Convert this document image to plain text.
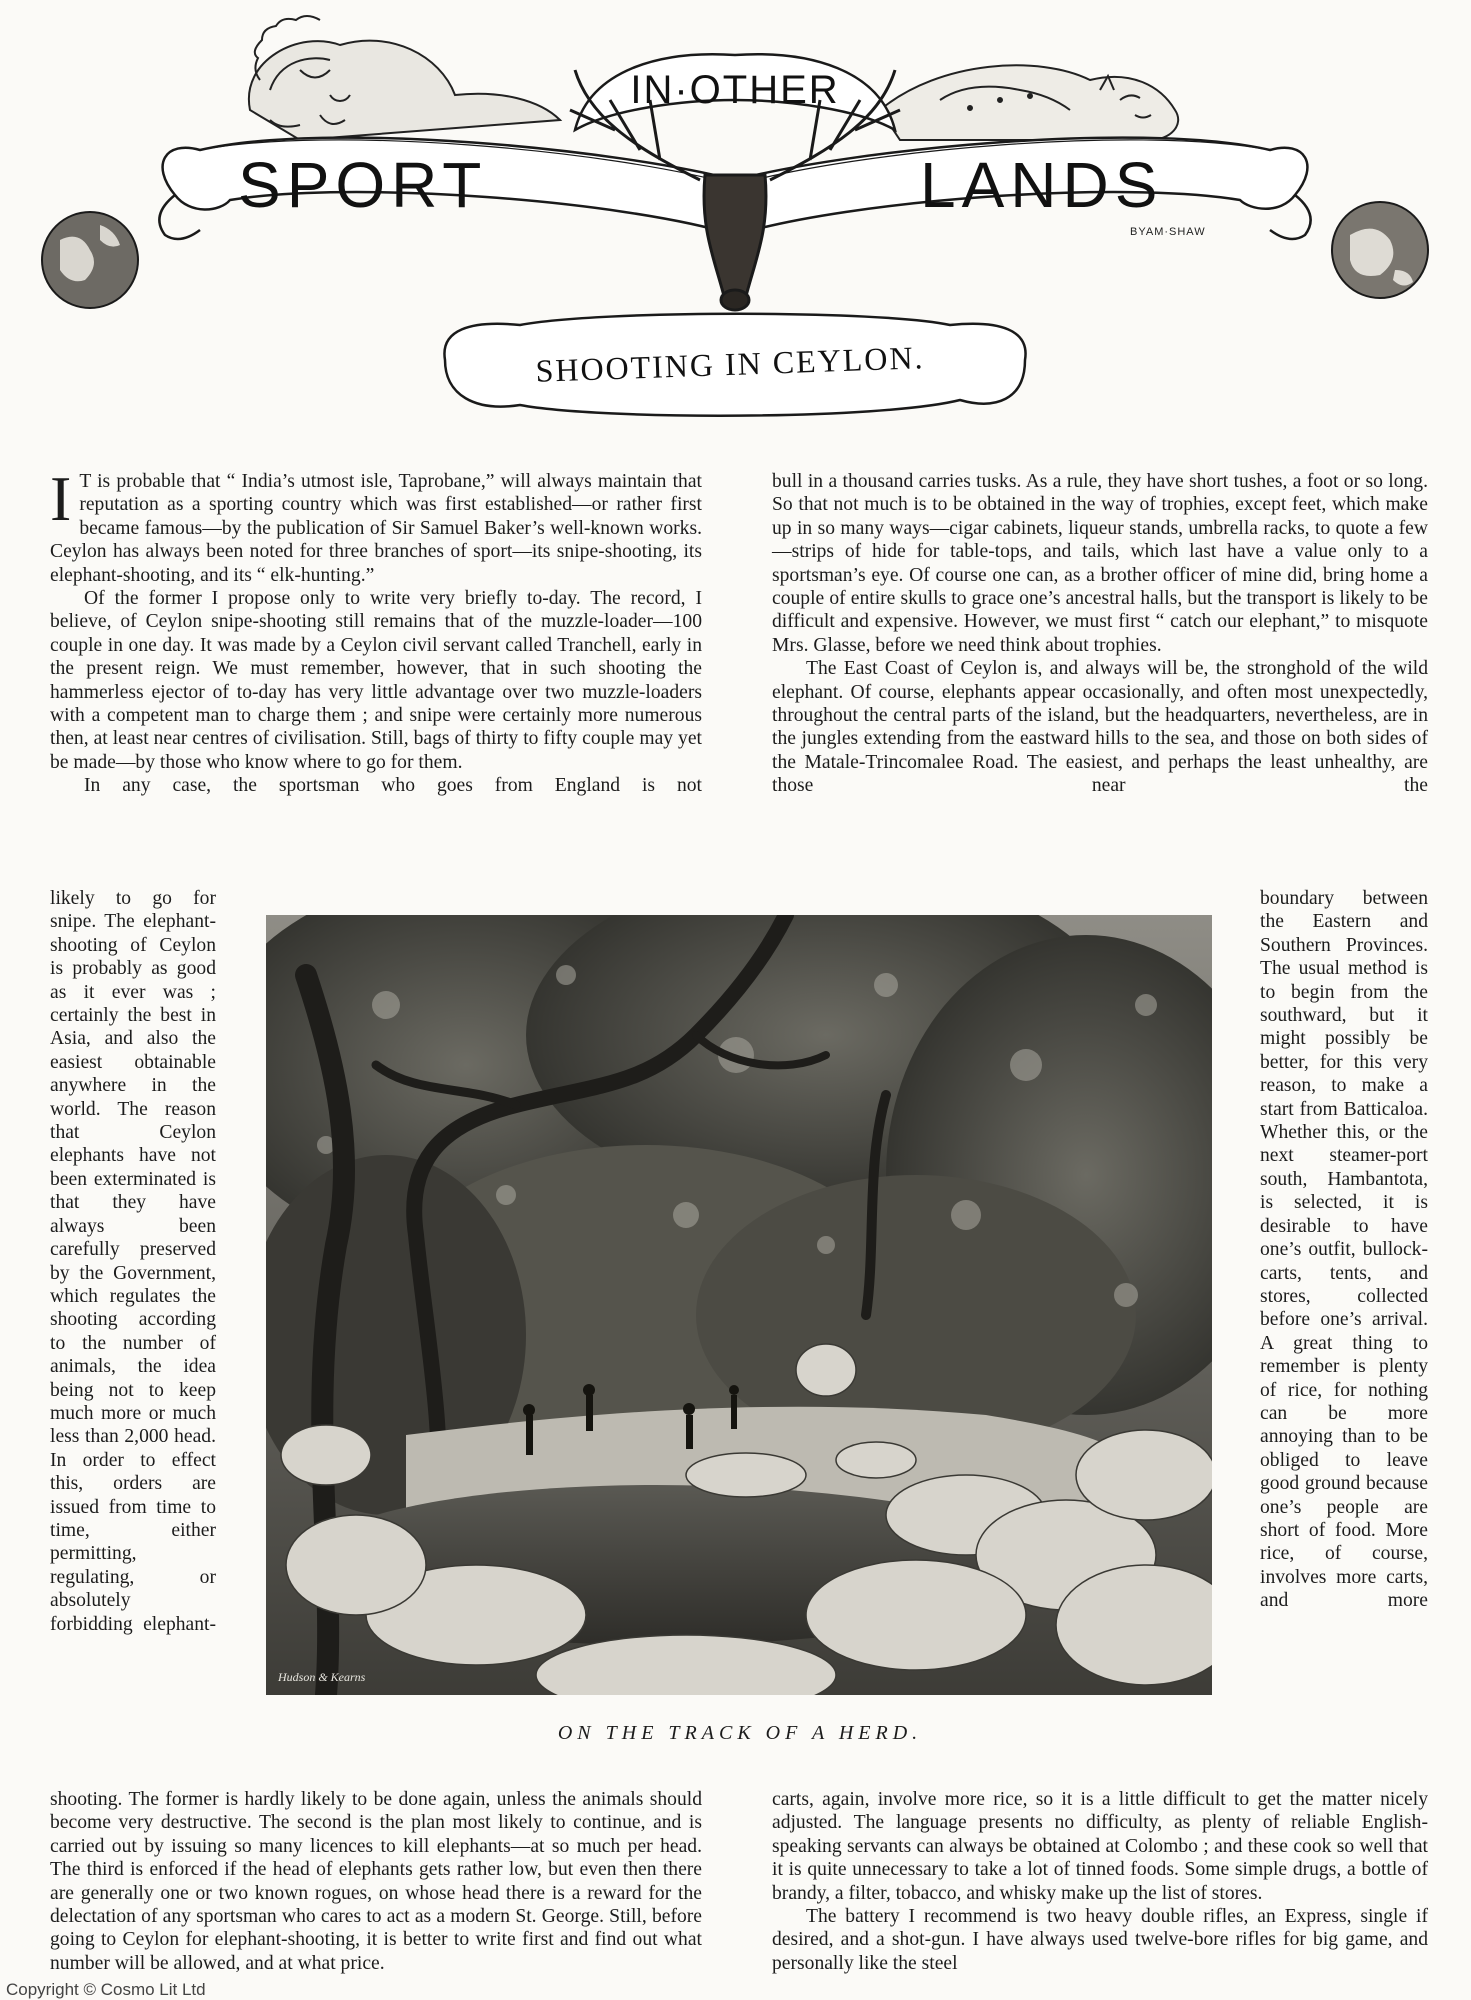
SPORT
IN·OTHER
LANDS
BYAM·SHAW
SHOOTING IN CEYLON.

I T is probable that “ India’s utmost isle, Taprobane,” will always maintain that reputation as a sporting country which was first established—or rather first became famous—by the publication of Sir Samuel Baker’s well-known works. Ceylon has always been noted for three branches of sport—its snipe-shooting, its elephant-shooting, and its “ elk-hunting.”

Of the former I propose only to write very briefly to-day. The record, I believe, of Ceylon snipe-shooting still remains that of the muzzle-loader—100 couple in one day. It was made by a Ceylon civil servant called Tranchell, early in the present reign. We must remember, however, that in such shooting the hammerless ejector of to-day has very little advantage over two muzzle-loaders with a competent man to charge them ; and snipe were certainly more numerous then, at least near centres of civilisation. Still, bags of thirty to fifty couple may yet be made—by those who know where to go for them.

In any case, the sportsman who goes from England is not

likely to go for snipe. The elephant-shooting of Ceylon is probably as good as it ever was ; certainly the best in Asia, and also the easiest obtainable anywhere in the world. The reason that Ceylon elephants have not been exterminated is that they have always been carefully preserved by the Government, which regulates the shooting according to the number of animals, the idea being not to keep much more or much less than 2,000 head. In order to effect this, orders are issued from time to time, either permitting, regulating, or absolutely forbidding elephant-

shooting. The former is hardly likely to be done again, unless the animals should become very destructive. The second is the plan most likely to continue, and is carried out by issuing so many licences to kill elephants—at so much per head. The third is enforced if the head of elephants gets rather low, but even then there are generally one or two known rogues, on whose head there is a reward for the delectation of any sportsman who cares to act as a modern St. George. Still, before going to Ceylon for elephant-shooting, it is better to write first and find out what number will be allowed, and at what price.

bull in a thousand carries tusks. As a rule, they have short tushes, a foot or so long. So that not much is to be obtained in the way of trophies, except feet, which make up in so many ways—cigar cabinets, liqueur stands, umbrella racks, to quote a few—strips of hide for table-tops, and tails, which last have a value only to a sportsman’s eye. Of course one can, as a brother officer of mine did, bring home a couple of entire skulls to grace one’s ancestral halls, but the transport is likely to be difficult and expensive. However, we must first “ catch our elephant,” to misquote Mrs. Glasse, before we need think about trophies.

The East Coast of Ceylon is, and always will be, the stronghold of the wild elephant. Of course, elephants appear occasionally, and often most unexpectedly, throughout the central parts of the island, but the headquarters, nevertheless, are in the jungles extending from the eastward hills to the sea, and those on both sides of the Matale-Trincomalee Road. The easiest, and perhaps the least unhealthy, are those near the

boundary between the Eastern and Southern Provinces. The usual method is to begin from the southward, but it might possibly be better, for this very reason, to make a start from Batticaloa. Whether this, or the next steamer-port south, Hambantota, is selected, it is desirable to have one’s outfit, bullock-carts, tents, and stores, collected before one’s arrival. A great thing to remember is plenty of rice, for nothing can be more annoying than to be obliged to leave good ground because one’s people are short of food. More rice, of course, involves more carts, and more

carts, again, involve more rice, so it is a little difficult to get the matter nicely adjusted. The language presents no difficulty, as plenty of reliable English-speaking servants can always be obtained at Colombo ; and these cook so well that it is quite unnecessary to take a lot of tinned foods. Some simple drugs, a bottle of brandy, a filter, tobacco, and whisky make up the list of stores.

The battery I recommend is two heavy double rifles, an Express, single if desired, and a shot-gun. I have always used twelve-bore rifles for big game, and personally like the steel

Hudson & Kearns
ON THE TRACK OF A HERD.
Copyright © Cosmo Lit Ltd
